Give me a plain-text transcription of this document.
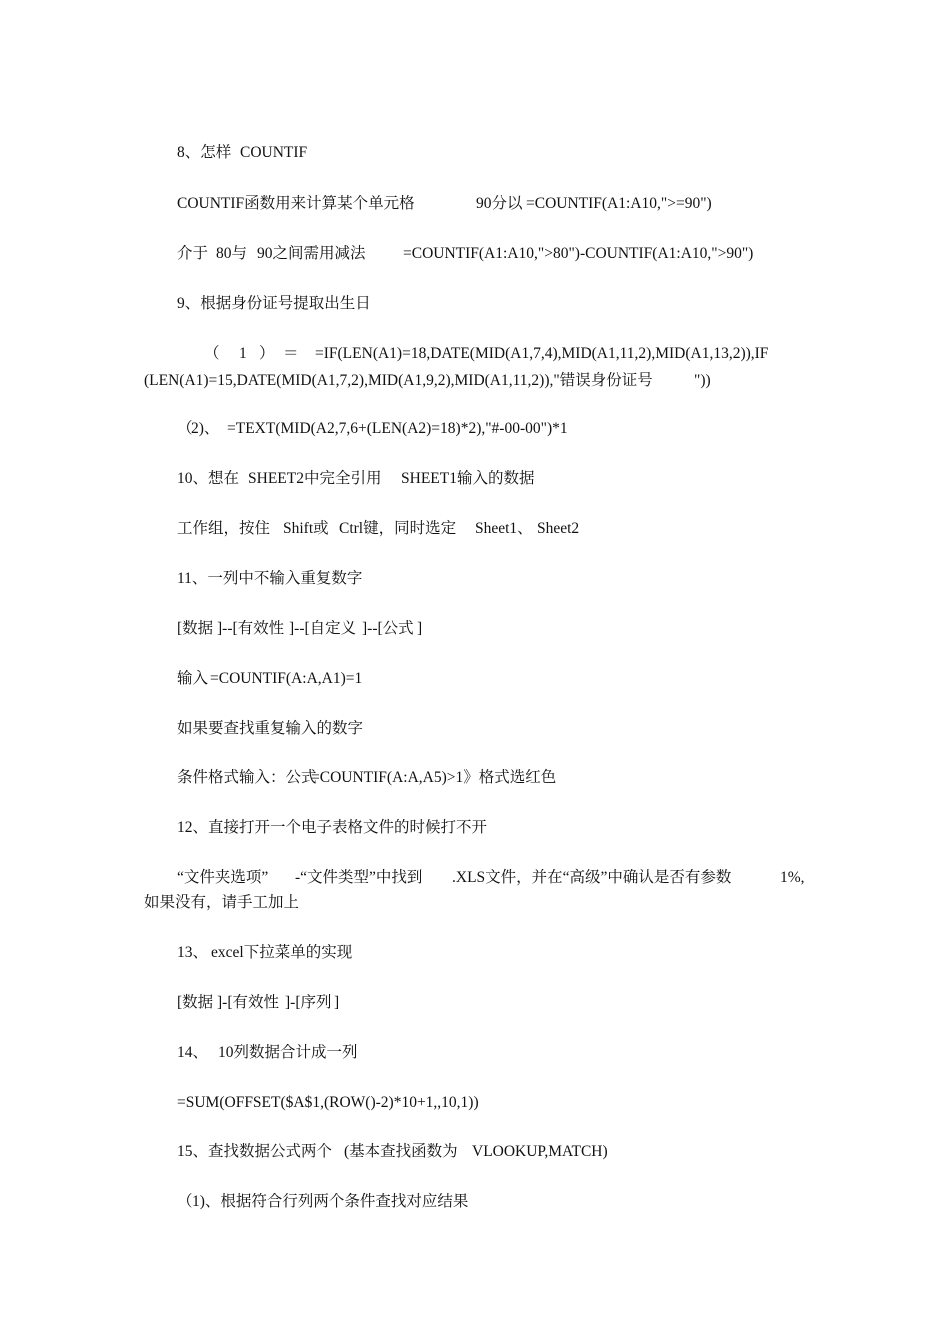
8、怎样 COUNTIF
COUNTIF函数用来计算某个单元格	90分以 =COUNTIF(A1:A10,">=90")
介于 80与 90之间需用减法 =COUNTIF(A1:A10,">80")-COUNTIF(A1:A10,">90")
9、根据身份证号提取出生日
（ 1 ） ＝ =IF(LEN(A1)=18,DATE(MID(A1,7,4),MID(A1,11,2),MID(A1,13,2)),IF
(LEN(A1)=15,DATE(MID(A1,7,2),MID(A1,9,2),MID(A1,11,2)),"错误身份证号	"))
（
2)、 =TEXT(MID(A2,7,6+(LEN(A2)=18)*2),"#-00-00")*1
10、想在 SHEET2中完全引用 SHEET1输入的数据
工作组，按住 Shift或 Ctrl键，同时选定 Sheet1、 Sheet2
11、一列中不输入重复数字
[数据 ]--[有效性 ]--[自定义 ]--[公式 ]
输入 =COUNTIF(A:A,A1)=1
如果要查找重复输入的数字
条件格式输入：公式
=COUNTIF(A:A,A5)>1》格式选红色
12、直接打开一个电子表格文件的时候打不开
“文件夹选项” -“文件类型”中找到 .XLS文件，并在“高级”中确认是否有参数	1%,
如果没有，请手工加上
13、 excel下拉菜单的实现
[数据 ]-[有效性 ]-[序列 ]
14、 10列数据合计成一列
=SUM(OFFSET($A$1,(ROW()-2)*10+1,,10,1))
15、查找数据公式两个 (基本查找函数为 VLOOKUP,MATCH)
（ 1)、根据符合行列两个条件查找对应结果
